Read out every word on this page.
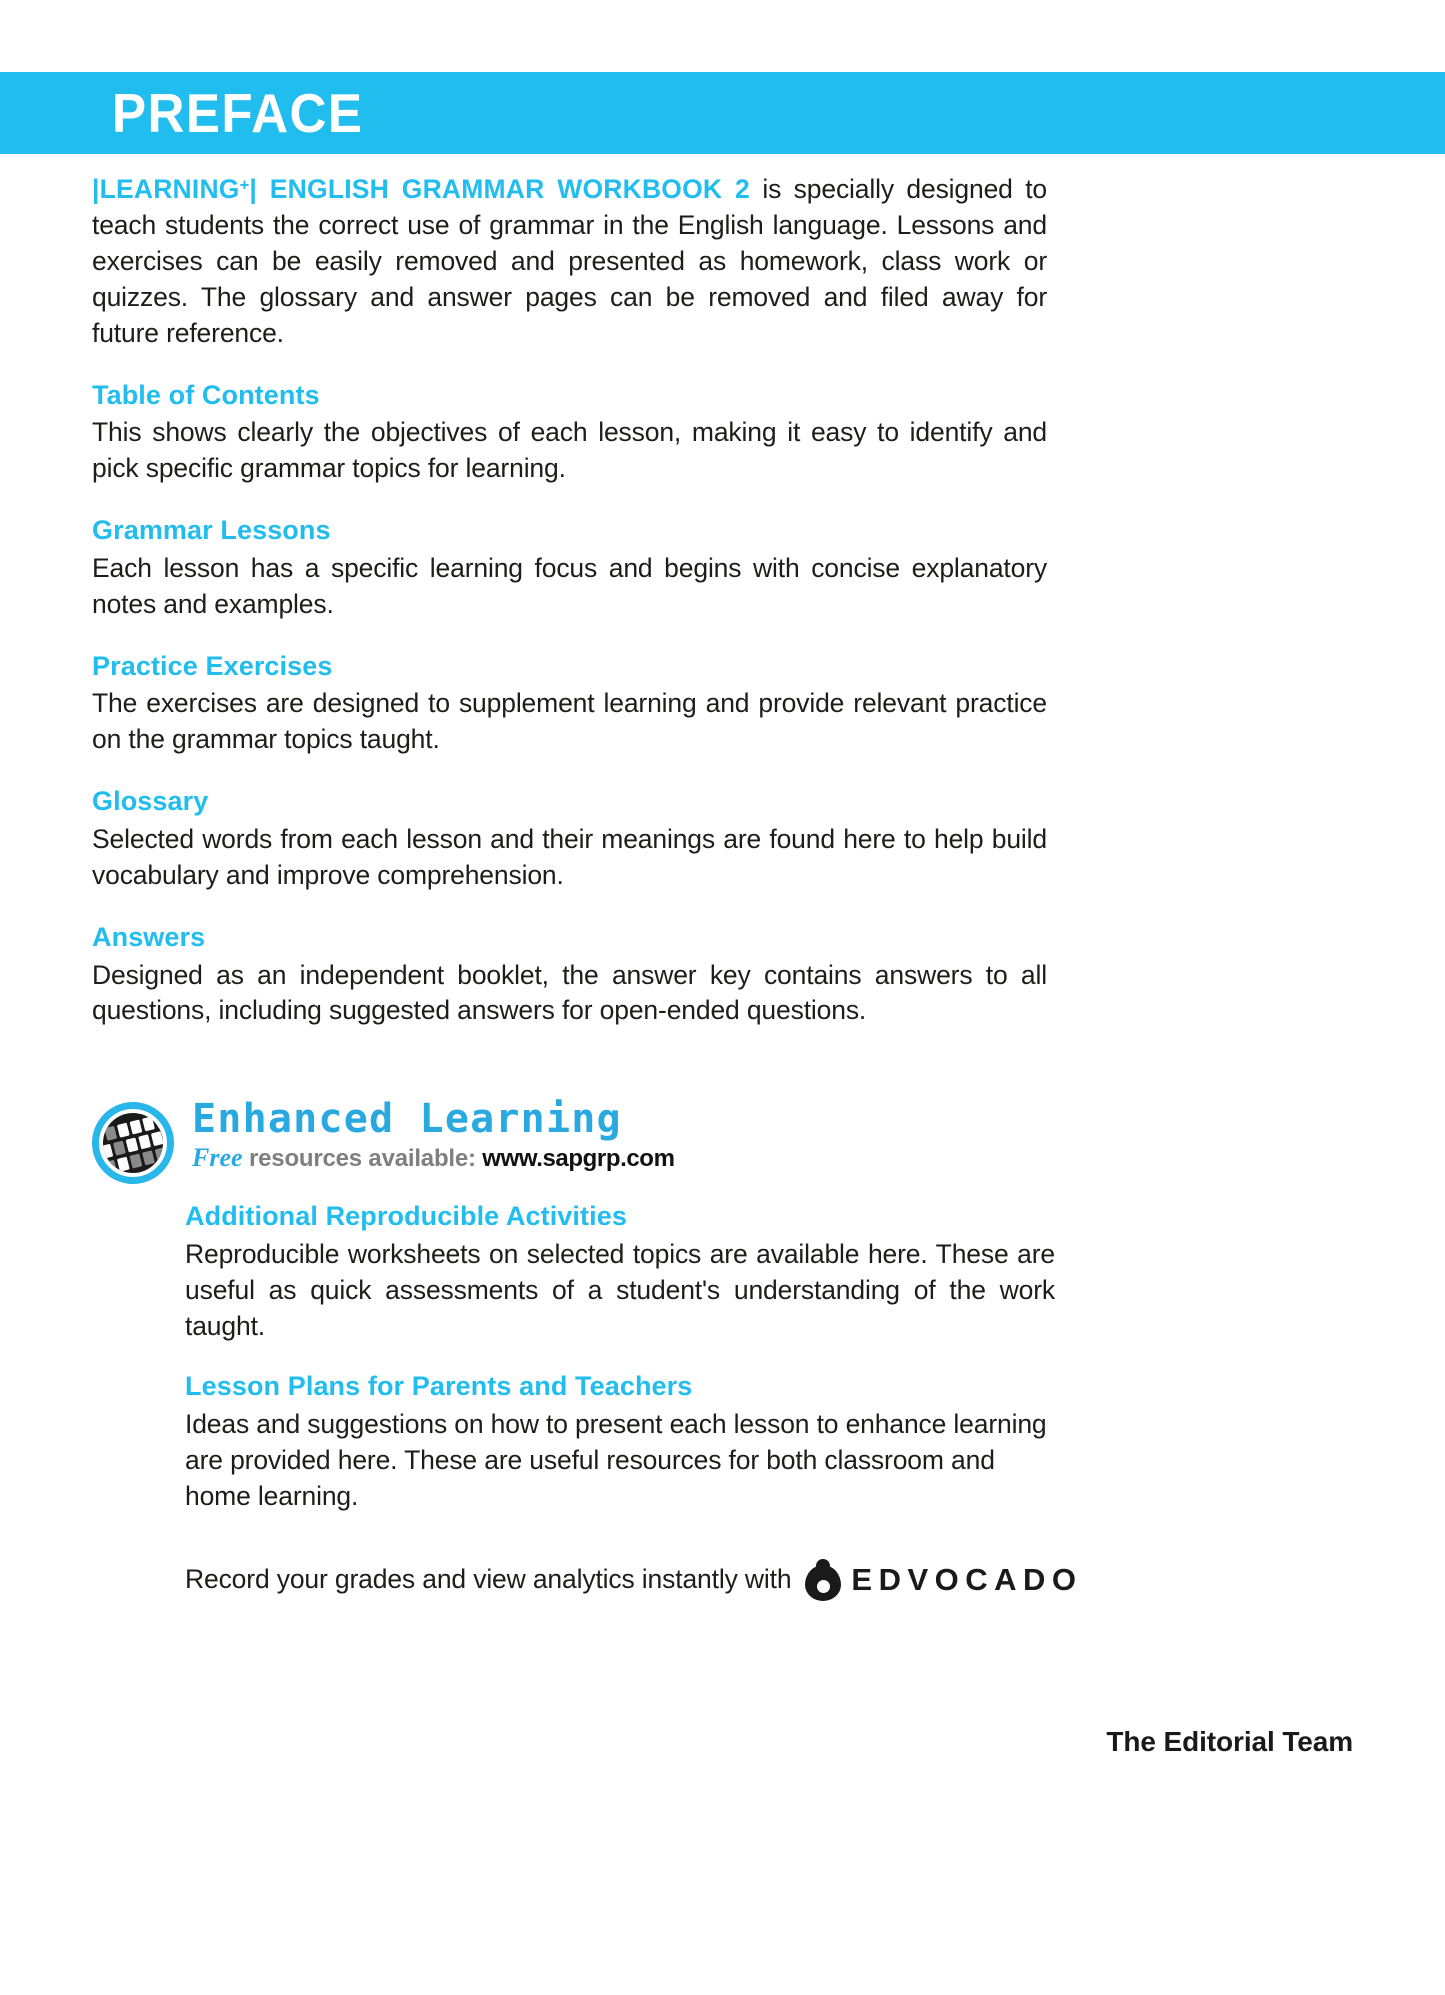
PREFACE

|LEARNING+| ENGLISH GRAMMAR WORKBOOK 2 is specially designed to teach students the correct use of grammar in the English language. Lessons and exercises can be easily removed and presented as homework, class work or quizzes. The glossary and answer pages can be removed and filed away for future reference.

Table of Contents

This shows clearly the objectives of each lesson, making it easy to identify and pick specific grammar topics for learning.

Grammar Lessons

Each lesson has a specific learning focus and begins with concise explanatory notes and examples.

Practice Exercises

The exercises are designed to supplement learning and provide relevant practice on the grammar topics taught.

Glossary

Selected words from each lesson and their meanings are found here to help build vocabulary and improve comprehension.

Answers

Designed as an independent booklet, the answer key contains answers to all questions, including suggested answers for open-ended questions.

Enhanced Learning
Free resources available: www.sapgrp.com
Additional Reproducible Activities

Reproducible worksheets on selected topics are available here. These are useful as quick assessments of a student's understanding of the work taught.

Lesson Plans for Parents and Teachers

Ideas and suggestions on how to present each lesson to enhance learning are provided here. These are useful resources for both classroom and home learning.

Record your grades and view analytics instantly with EDVOCADO
The Editorial Team
